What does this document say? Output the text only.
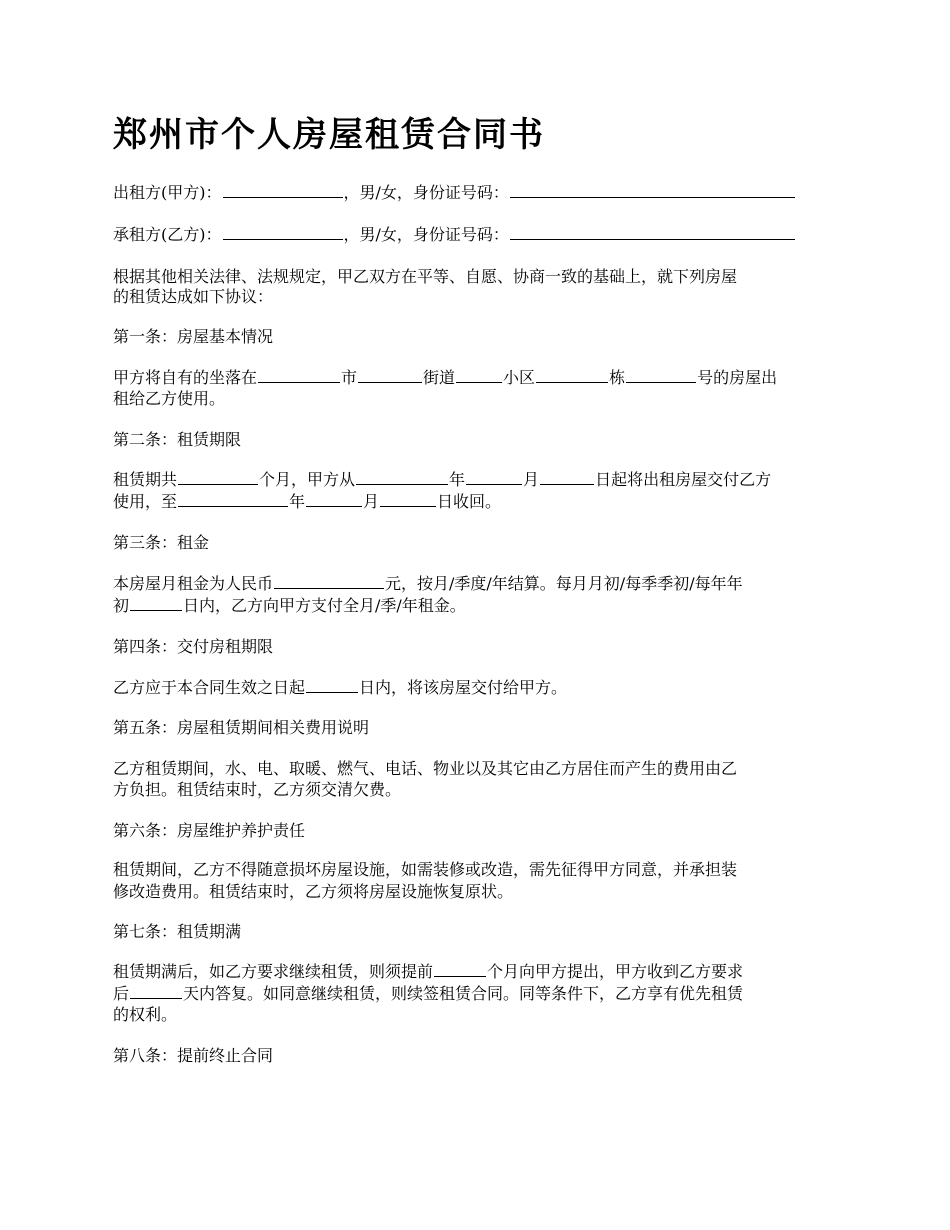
郑州市个人房屋租赁合同书

出租方(甲方)：	，男/女，身份证号码：

承租方(乙方)：	，男/女，身份证号码：

根据其他相关法律、法规规定，甲乙双方在平等、自愿、协商一致的基础上，就下列房屋

的租赁达成如下协议：

第一条：房屋基本情况

甲方将自有的坐落在	市	街道	小区	栋	号的房屋出

租给乙方使用。

第二条：租赁期限

租赁期共	个月，甲方从	年	月	日起将出租房屋交付乙方

使用，至	年	月	日收回。

第三条：租金

本房屋月租金为人民币	元，按月/季度/年结算。每月月初/每季季初/每年年

初	日内，乙方向甲方支付全月/季/年租金。

第四条：交付房租期限

乙方应于本合同生效之日起	日内，将该房屋交付给甲方。

第五条：房屋租赁期间相关费用说明

乙方租赁期间，水、电、取暖、燃气、电话、物业以及其它由乙方居住而产生的费用由乙

方负担。租赁结束时，乙方须交清欠费。

第六条：房屋维护养护责任

租赁期间，乙方不得随意损坏房屋设施，如需装修或改造，需先征得甲方同意，并承担装

修改造费用。租赁结束时，乙方须将房屋设施恢复原状。

第七条：租赁期满

租赁期满后，如乙方要求继续租赁，则须提前	个月向甲方提出，甲方收到乙方要求

后	天内答复。如同意继续租赁，则续签租赁合同。同等条件下，乙方享有优先租赁

的权利。

第八条：提前终止合同
